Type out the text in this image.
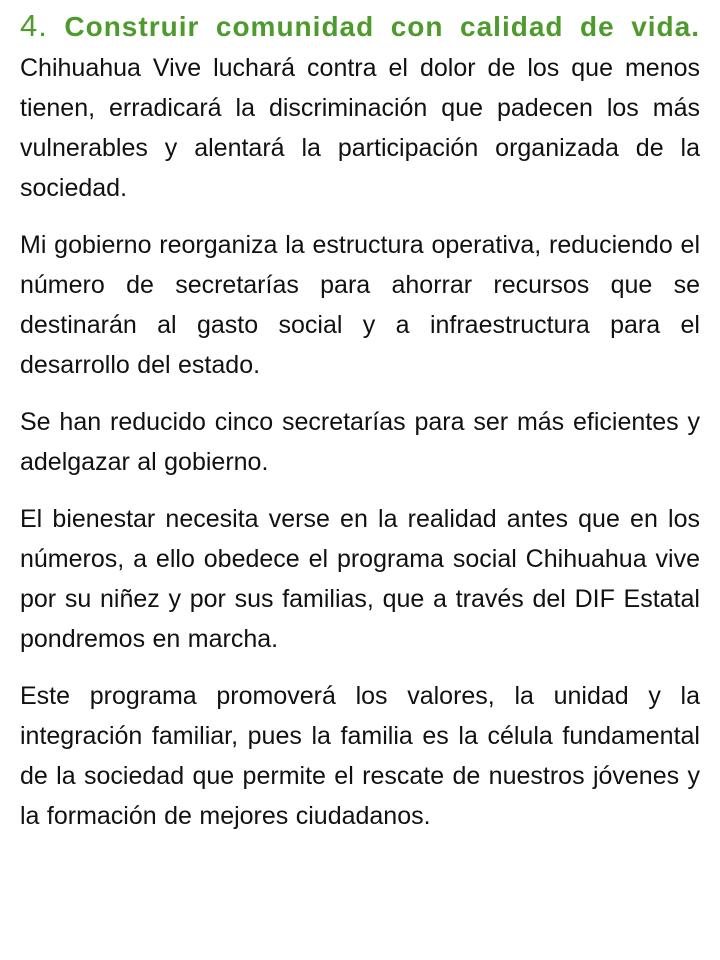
4. Construir comunidad con calidad de vida. Chihuahua Vive luchará contra el dolor de los que menos tienen, erradicará la discriminación que padecen los más vulnerables y alentará la participación organizada de la sociedad.

Mi gobierno reorganiza la estructura operativa, reduciendo el número de secretarías para ahorrar recursos que se destinarán al gasto social y a infraestructura para el desarrollo del estado.

Se han reducido cinco secretarías para ser más eficientes y adelgazar al gobierno.

El bienestar necesita verse en la realidad antes que en los números, a ello obedece el programa social Chihuahua vive por su niñez y por sus familias, que a través del DIF Estatal pondremos en marcha.

Este programa promoverá los valores, la unidad y la integración familiar, pues la familia es la célula fundamental de la sociedad que permite el rescate de nuestros jóvenes y la formación de mejores ciudadanos.
